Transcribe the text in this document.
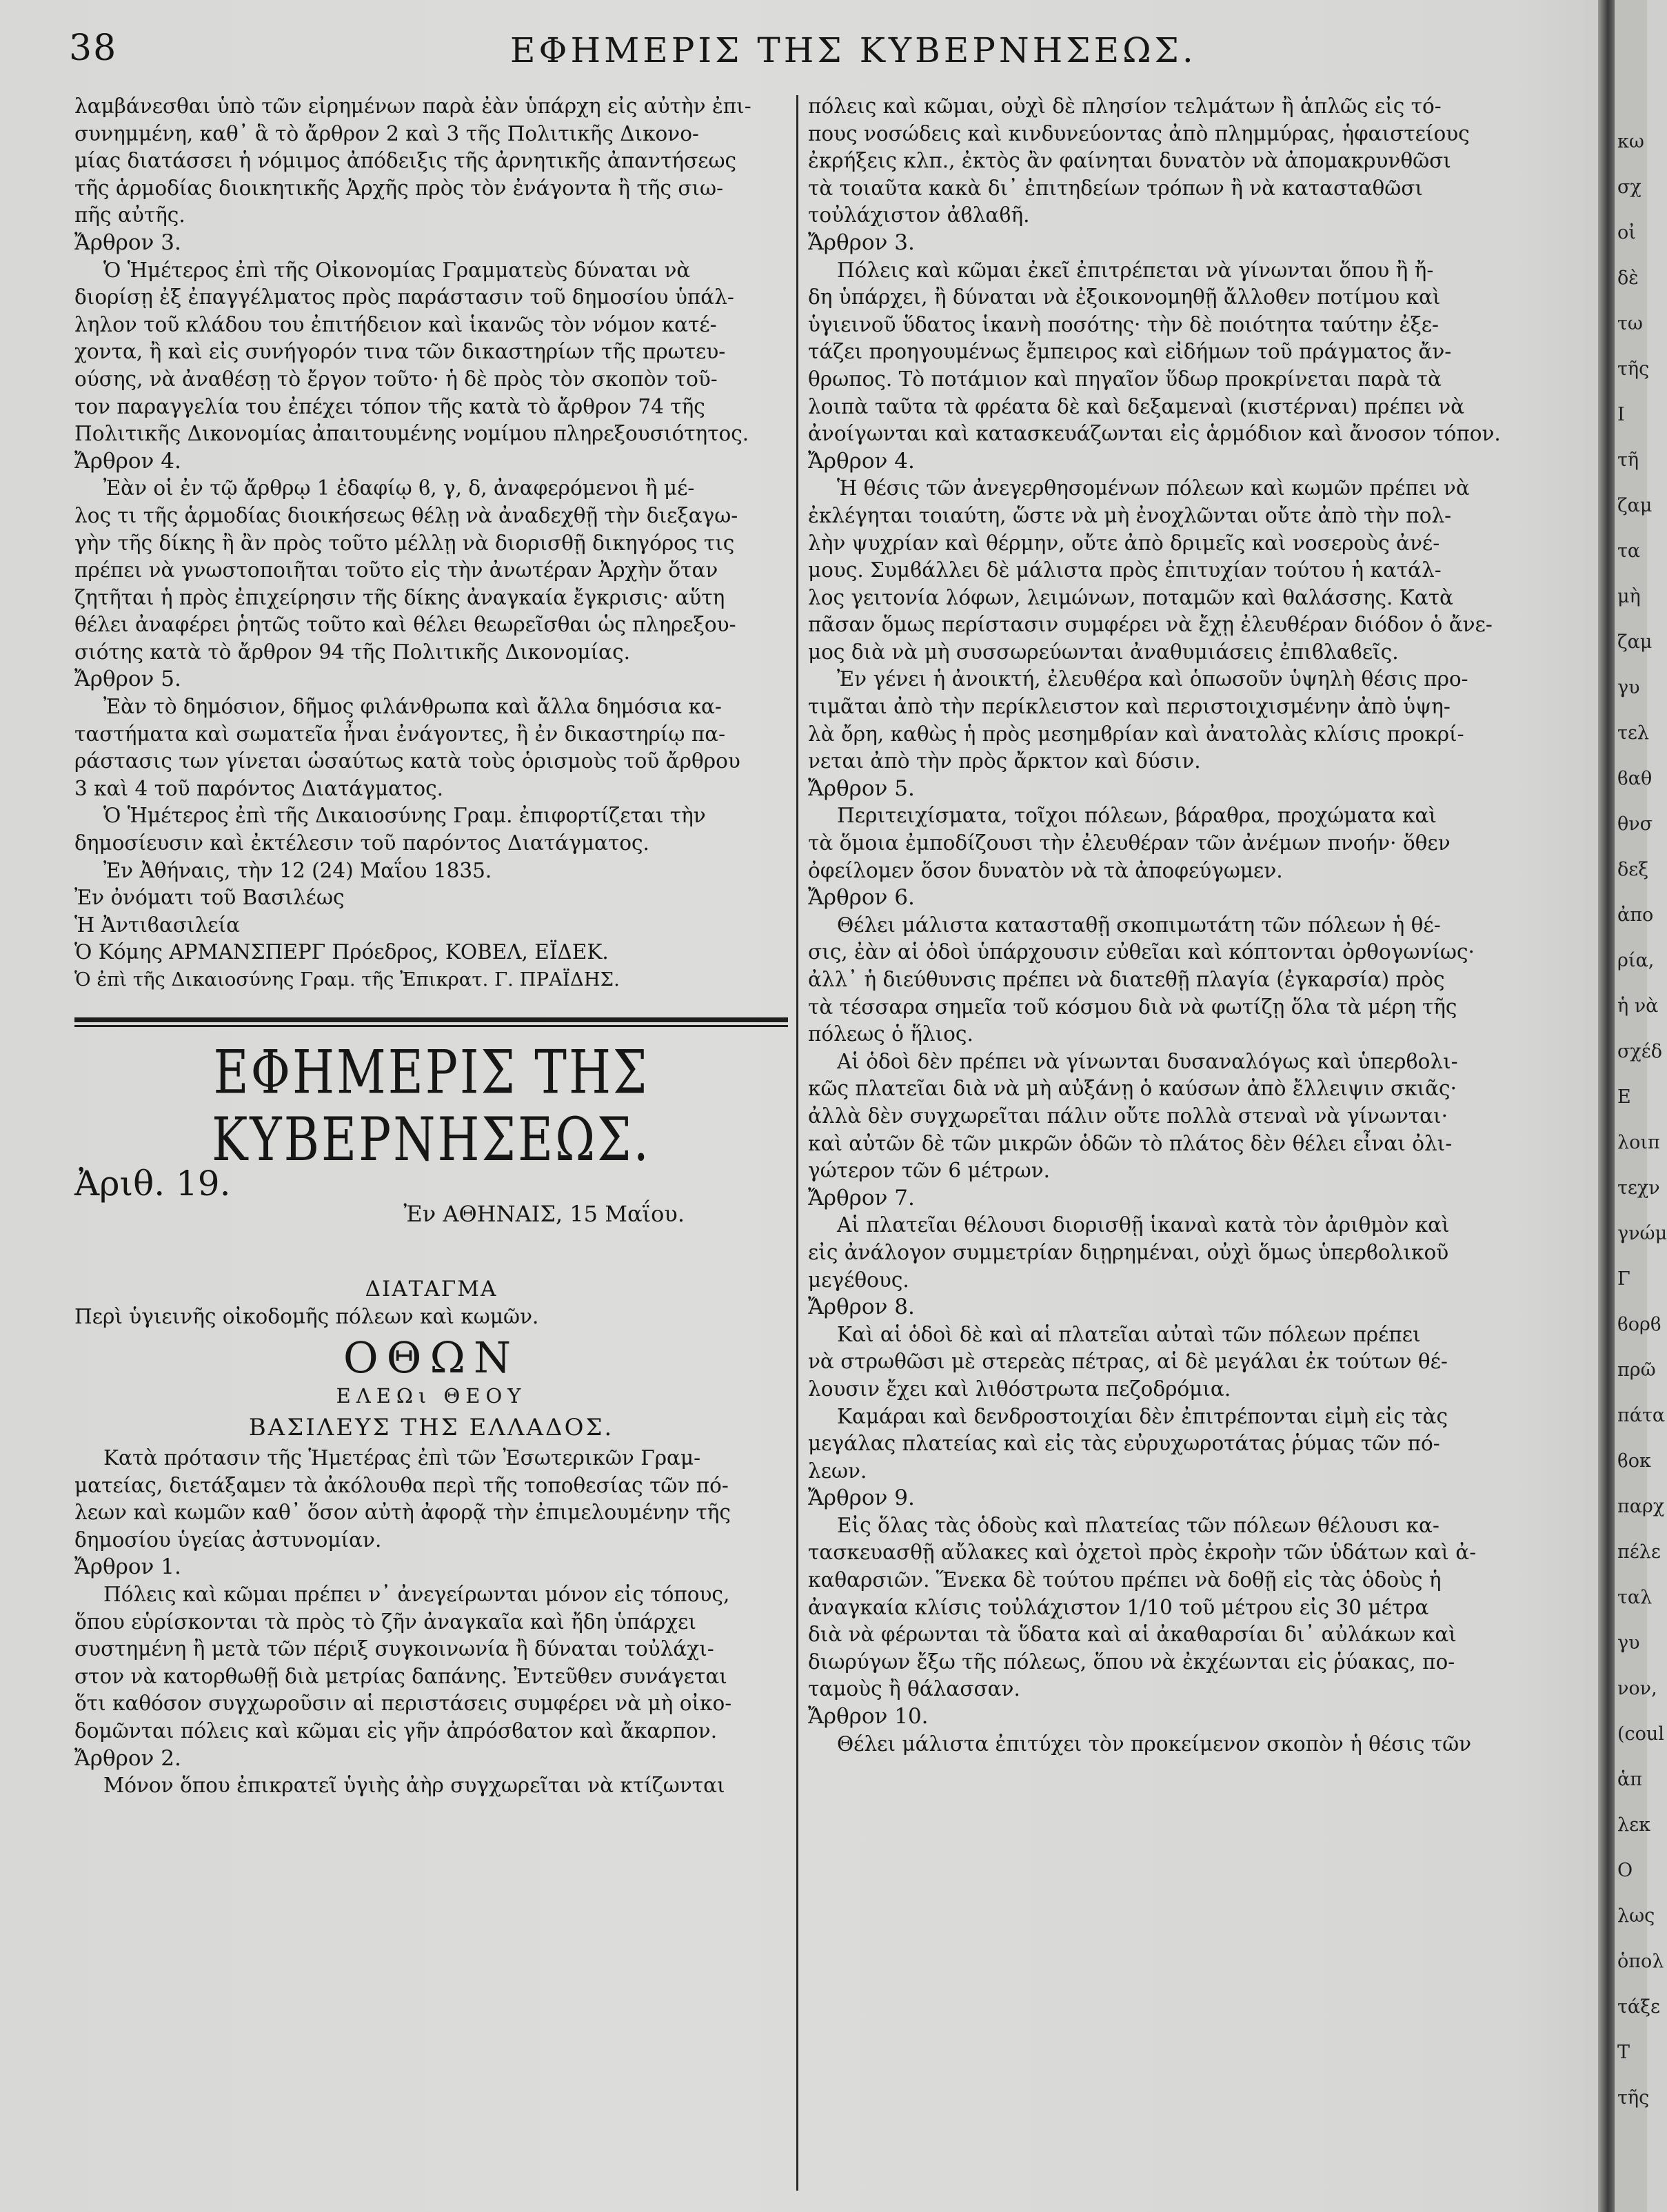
38	ΕΦΗΜΕΡΙΣ ΤΗΣ ΚΥΒΕΡΝΗΣΕΩΣ.

λαμβάνεσθαι ὑπὸ τῶν εἰρημένων παρὰ ἐὰν ὑπάρχη εἰς αὐτὴν ἐπι-

συνημμένη, καθ᾿ ἃ τὸ ἄρθρον 2 καὶ 3 τῆς Πολιτικῆς Δικονο-

μίας διατάσσει ἡ νόμιμος ἀπόδειξις τῆς ἀρνητικῆς ἀπαντήσεως

τῆς ἁρμοδίας διοικητικῆς Ἀρχῆς πρὸς τὸν ἐνάγοντα ἢ τῆς σιω-

πῆς αὐτῆς.

Ἄρθρον 3.

Ὁ Ἡμέτερος ἐπὶ τῆς Οἰκονομίας Γραμματεὺς δύναται νὰ

διορίσῃ ἐξ ἐπαγγέλματος πρὸς παράστασιν τοῦ δημοσίου ὑπάλ-

ληλον τοῦ κλάδου του ἐπιτήδειον καὶ ἱκανῶς τὸν νόμον κατέ-

χοντα, ἢ καὶ εἰς συνήγορόν τινα τῶν δικαστηρίων τῆς πρωτευ-

ούσης, νὰ ἀναθέσῃ τὸ ἔργον τοῦτο· ἡ δὲ πρὸς τὸν σκοπὸν τοῦ-

τον παραγγελία του ἐπέχει τόπον τῆς κατὰ τὸ ἄρθρον 74 τῆς

Πολιτικῆς Δικονομίας ἀπαιτουμένης νομίμου πληρεξουσιότητος.

Ἄρθρον 4.

Ἐὰν οἱ ἐν τῷ ἄρθρῳ 1 ἐδαφίῳ ϐ, γ, δ, ἀναφερόμενοι ἢ μέ-

λος τι τῆς ἁρμοδίας διοικήσεως θέλῃ νὰ ἀναδεχθῇ τὴν διεξαγω-

γὴν τῆς δίκης ἢ ἂν πρὸς τοῦτο μέλλῃ νὰ διορισθῇ δικηγόρος τις

πρέπει νὰ γνωστοποιῆται τοῦτο εἰς τὴν ἀνωτέραν Ἀρχὴν ὅταν

ζητῆται ἡ πρὸς ἐπιχείρησιν τῆς δίκης ἀναγκαία ἔγκρισις· αὕτη

θέλει ἀναφέρει ῥητῶς τοῦτο καὶ θέλει θεωρεῖσθαι ὡς πληρεξου-

σιότης κατὰ τὸ ἄρθρον 94 τῆς Πολιτικῆς Δικονομίας.

Ἄρθρον 5.

Ἐὰν τὸ δημόσιον, δῆμος φιλάνθρωπα καὶ ἄλλα δημόσια κα-

ταστήματα καὶ σωματεῖα ἦναι ἐνάγοντες, ἢ ἐν δικαστηρίῳ πα-

ράστασις των γίνεται ὡσαύτως κατὰ τοὺς ὁρισμοὺς τοῦ ἄρθρου

3 καὶ 4 τοῦ παρόντος Διατάγματος.

Ὁ Ἡμέτερος ἐπὶ τῆς Δικαιοσύνης Γραμ. ἐπιφορτίζεται τὴν

δημοσίευσιν καὶ ἐκτέλεσιν τοῦ παρόντος Διατάγματος.

Ἐν Ἀθήναις, τὴν 12 (24) Μαΐου 1835.

Ἐν ὀνόματι τοῦ Βασιλέως

Ἡ Ἀντιϐασιλεία

Ὁ Κόμης ΑΡΜΑΝΣΠΕΡΓ Πρόεδρος, ΚΟΒΕΛ, ΕΪΔΕΚ.

Ὁ ἐπὶ τῆς Δικαιοσύνης Γραμ. τῆς Ἐπικρατ. Γ. ΠΡΑΪΔΗΣ.

ΕΦΗΜΕΡΙΣ ΤΗΣ ΚΥΒΕΡΝΗΣΕΩΣ.
Ἀριθ. 19.
Ἐν ΑΘΗΝΑΙΣ, 15 Μαΐου.
ΔΙΑΤΑΓΜΑ

Περὶ ὑγιεινῆς οἰκοδομῆς πόλεων καὶ κωμῶν.

ΟΘΩΝ
ΕΛΕΩι ΘΕΟΥ
ΒΑΣΙΛΕΥΣ ΤΗΣ ΕΛΛΑΔΟΣ.

Κατὰ πρότασιν τῆς Ἡμετέρας ἐπὶ τῶν Ἐσωτερικῶν Γραμ-

ματείας, διετάξαμεν τὰ ἀκόλουθα περὶ τῆς τοποθεσίας τῶν πό-

λεων καὶ κωμῶν καθ᾿ ὅσον αὐτὴ ἀφορᾷ τὴν ἐπιμελουμένην τῆς

δημοσίου ὑγείας ἀστυνομίαν.

Ἄρθρον 1.

Πόλεις καὶ κῶμαι πρέπει ν᾿ ἀνεγείρωνται μόνον εἰς τόπους,

ὅπου εὑρίσκονται τὰ πρὸς τὸ ζῆν ἀναγκαῖα καὶ ἤδη ὑπάρχει

συστημένη ἢ μετὰ τῶν πέριξ συγκοινωνία ἢ δύναται τοὐλάχι-

στον νὰ κατορθωθῇ διὰ μετρίας δαπάνης. Ἐντεῦθεν συνάγεται

ὅτι καθόσον συγχωροῦσιν αἱ περιστάσεις συμφέρει νὰ μὴ οἰκο-

δομῶνται πόλεις καὶ κῶμαι εἰς γῆν ἀπρόσϐατον καὶ ἄκαρπον.

Ἄρθρον 2.

Μόνον ὅπου ἐπικρατεῖ ὑγιὴς ἀὴρ συγχωρεῖται νὰ κτίζωνται

πόλεις καὶ κῶμαι, οὐχὶ δὲ πλησίον τελμάτων ἢ ἁπλῶς εἰς τό-

πους νοσώδεις καὶ κινδυνεύοντας ἀπὸ πλημμύρας, ἡφαιστείους

ἐκρήξεις κλπ., ἐκτὸς ἂν φαίνηται δυνατὸν νὰ ἀπομακρυνθῶσι

τὰ τοιαῦτα κακὰ δι᾿ ἐπιτηδείων τρόπων ἢ νὰ κατασταθῶσι

τοὐλάχιστον ἀϐλαϐῆ.

Ἄρθρον 3.

Πόλεις καὶ κῶμαι ἐκεῖ ἐπιτρέπεται νὰ γίνωνται ὅπου ἢ ἤ-

δη ὑπάρχει, ἢ δύναται νὰ ἐξοικονομηθῇ ἄλλοθεν ποτίμου καὶ

ὑγιεινοῦ ὕδατος ἱκανὴ ποσότης· τὴν δὲ ποιότητα ταύτην ἐξε-

τάζει προηγουμένως ἔμπειρος καὶ εἰδήμων τοῦ πράγματος ἄν-

θρωπος. Τὸ ποτάμιον καὶ πηγαῖον ὕδωρ προκρίνεται παρὰ τὰ

λοιπὰ ταῦτα τὰ φρέατα δὲ καὶ δεξαμεναὶ (κιστέρναι) πρέπει νὰ

ἀνοίγωνται καὶ κατασκευάζωνται εἰς ἁρμόδιον καὶ ἄνοσον τόπον.

Ἄρθρον 4.

Ἡ θέσις τῶν ἀνεγερθησομένων πόλεων καὶ κωμῶν πρέπει νὰ

ἐκλέγηται τοιαύτη, ὥστε νὰ μὴ ἐνοχλῶνται οὔτε ἀπὸ τὴν πολ-

λὴν ψυχρίαν καὶ θέρμην, οὔτε ἀπὸ δριμεῖς καὶ νοσεροὺς ἀνέ-

μους. Συμϐάλλει δὲ μάλιστα πρὸς ἐπιτυχίαν τούτου ἡ κατάλ-

λος γειτονία λόφων, λειμώνων, ποταμῶν καὶ θαλάσσης. Κατὰ

πᾶσαν ὅμως περίστασιν συμφέρει νὰ ἔχῃ ἐλευθέραν διόδον ὁ ἄνε-

μος διὰ νὰ μὴ συσσωρεύωνται ἀναθυμιάσεις ἐπιϐλαϐεῖς.

Ἐν γένει ἡ ἀνοικτή, ἐλευθέρα καὶ ὁπωσοῦν ὑψηλὴ θέσις προ-

τιμᾶται ἀπὸ τὴν περίκλειστον καὶ περιστοιχισμένην ἀπὸ ὑψη-

λὰ ὄρη, καθὼς ἡ πρὸς μεσημϐρίαν καὶ ἀνατολὰς κλίσις προκρί-

νεται ἀπὸ τὴν πρὸς ἄρκτον καὶ δύσιν.

Ἄρθρον 5.

Περιτειχίσματα, τοῖχοι πόλεων, βάραθρα, προχώματα καὶ

τὰ ὅμοια ἐμποδίζουσι τὴν ἐλευθέραν τῶν ἀνέμων πνοήν· ὅθεν

ὀφείλομεν ὅσον δυνατὸν νὰ τὰ ἀποφεύγωμεν.

Ἄρθρον 6.

Θέλει μάλιστα κατασταθῇ σκοπιμωτάτη τῶν πόλεων ἡ θέ-

σις, ἐὰν αἱ ὁδοὶ ὑπάρχουσιν εὐθεῖαι καὶ κόπτονται ὀρθογωνίως·

ἀλλ᾿ ἡ διεύθυνσις πρέπει νὰ διατεθῇ πλαγία (ἐγκαρσία) πρὸς

τὰ τέσσαρα σημεῖα τοῦ κόσμου διὰ νὰ φωτίζῃ ὅλα τὰ μέρη τῆς

πόλεως ὁ ἥλιος.

Αἱ ὁδοὶ δὲν πρέπει νὰ γίνωνται δυσαναλόγως καὶ ὑπερϐολι-

κῶς πλατεῖαι διὰ νὰ μὴ αὐξάνῃ ὁ καύσων ἀπὸ ἔλλειψιν σκιᾶς·

ἀλλὰ δὲν συγχωρεῖται πάλιν οὔτε πολλὰ στεναὶ νὰ γίνωνται·

καὶ αὐτῶν δὲ τῶν μικρῶν ὁδῶν τὸ πλάτος δὲν θέλει εἶναι ὀλι-

γώτερον τῶν 6 μέτρων.

Ἄρθρον 7.

Αἱ πλατεῖαι θέλουσι διορισθῇ ἱκαναὶ κατὰ τὸν ἀριθμὸν καὶ

εἰς ἀνάλογον συμμετρίαν διῃρημέναι, οὐχὶ ὅμως ὑπερϐολικοῦ

μεγέθους.

Ἄρθρον 8.

Καὶ αἱ ὁδοὶ δὲ καὶ αἱ πλατεῖαι αὐταὶ τῶν πόλεων πρέπει

νὰ στρωθῶσι μὲ στερεὰς πέτρας, αἱ δὲ μεγάλαι ἐκ τούτων θέ-

λουσιν ἔχει καὶ λιθόστρωτα πεζοδρόμια.

Καμάραι καὶ δενδροστοιχίαι δὲν ἐπιτρέπονται εἰμὴ εἰς τὰς

μεγάλας πλατείας καὶ εἰς τὰς εὐρυχωροτάτας ῥύμας τῶν πό-

λεων.

Ἄρθρον 9.

Εἰς ὅλας τὰς ὁδοὺς καὶ πλατείας τῶν πόλεων θέλουσι κα-

τασκευασθῇ αὔλακες καὶ ὀχετοὶ πρὸς ἐκροὴν τῶν ὑδάτων καὶ ἀ-

καθαρσιῶν. Ἕνεκα δὲ τούτου πρέπει νὰ δοθῇ εἰς τὰς ὁδοὺς ἡ

ἀναγκαία κλίσις τοὐλάχιστον 1/10 τοῦ μέτρου εἰς 30 μέτρα

διὰ νὰ φέρωνται τὰ ὕδατα καὶ αἱ ἀκαθαρσίαι δι᾿ αὐλάκων καὶ

διωρύγων ἔξω τῆς πόλεως, ὅπου νὰ ἐκχέωνται εἰς ῥύακας, πο-

ταμοὺς ἢ θάλασσαν.

Ἄρθρον 10.

Θέλει μάλιστα ἐπιτύχει τὸν προκείμενον σκοπὸν ἡ θέσις τῶν

κω
σχ
οἰ
δὲ
τω
τῆς
I
τῆ
ζαμ
τα
μὴ
ζαμ
γυ
τελ
ϐαθ
θνσ
δεξ
ἀπο
ρία,
ἡ νὰ
σχέδ
Ε
λοιπ
τεχν
γνώμ
Γ
ϐορϐ
πρῶ
πάτα
ϐοκ
παρχ
πέλε
ταλ
γυ
νον,
(coul
ἁπ
λεκ
Ο
λως
ὁπολ
τάξε
Τ
τῆς
